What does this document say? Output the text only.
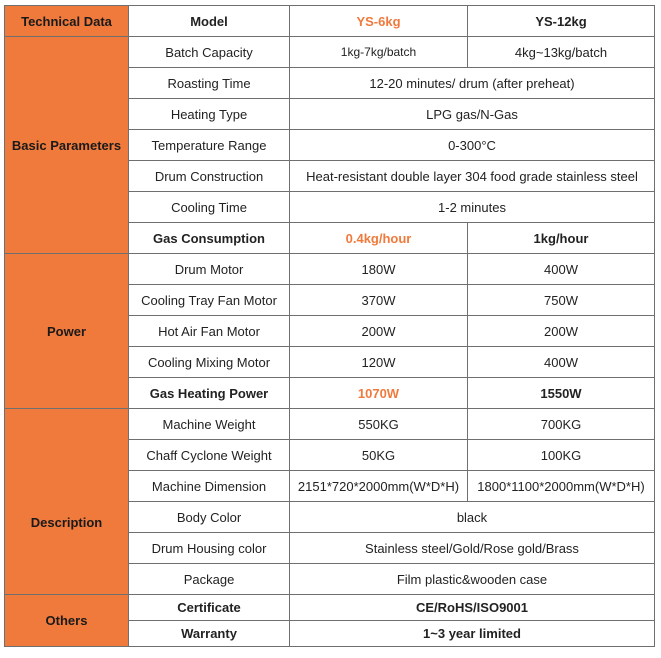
Technical Data	Model	YS-6kg	YS-12kg
Basic Parameters	Batch Capacity	1kg-7kg/batch	4kg~13kg/batch
	Roasting Time	12-20 minutes/ drum (after preheat)	
	Heating Type	LPG gas/N-Gas	
	Temperature Range	0-300°C	
	Drum Construction	Heat-resistant double layer 304 food grade stainless steel	
	Cooling Time	1-2 minutes	
	Gas Consumption	0.4kg/hour	1kg/hour
Power	Drum Motor	180W	400W
	Cooling Tray Fan Motor	370W	750W
	Hot Air Fan Motor	200W	200W
	Cooling Mixing Motor	120W	400W
	Gas Heating Power	1070W	1550W
Description	Machine Weight	550KG	700KG
	Chaff Cyclone Weight	50KG	100KG
	Machine Dimension	2151*720*2000mm(W*D*H)	1800*1100*2000mm(W*D*H)
	Body Color	black	
	Drum Housing color	Stainless steel/Gold/Rose gold/Brass	
	Package	Film plastic&wooden case	
Others	Certificate	CE/RoHS/ISO9001	
	Warranty	1~3 year limited	
